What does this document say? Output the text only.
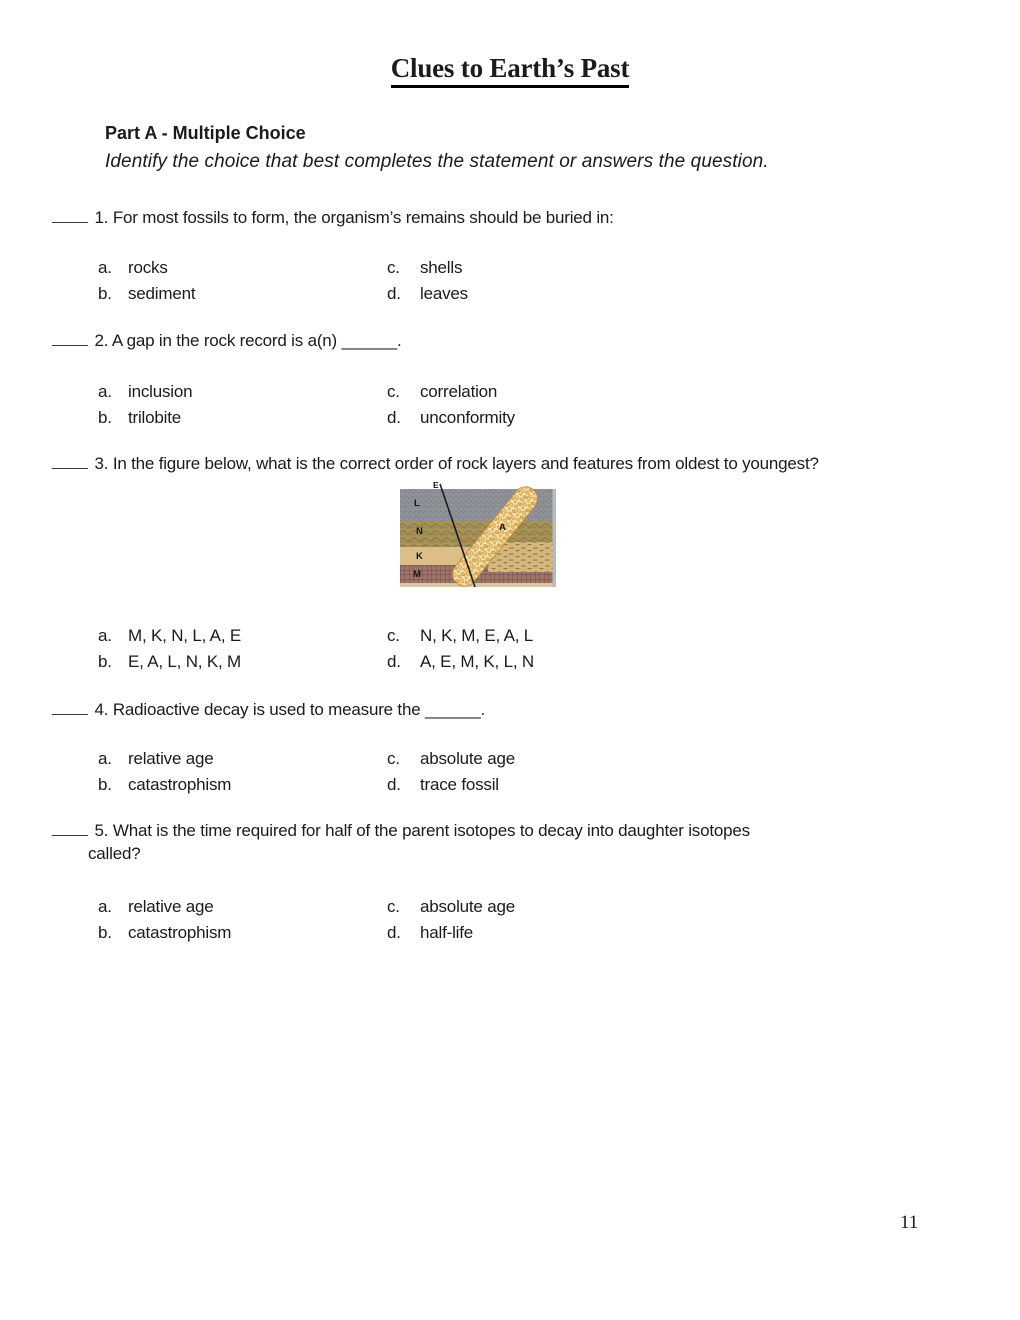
Clues to Earth’s Past
Part A - Multiple Choice
Identify the choice that best completes the statement or answers the question.
1. For most fossils to form, the organism’s remains should be buried in:
a. rocks	c.	shells
b. sediment	d.	leaves
2. A gap in the rock record is a(n) ______.
a. inclusion	c.	correlation
b. trilobite	d.	unconformity
3. In the figure below, what is the correct order of rock layers and features from oldest to youngest?
E
L
N
K
M
A
a. M, K, N, L, A, E	c.	N, K, M, E, A, L
b. E, A, L, N, K, M	d.	A, E, M, K, L, N
4. Radioactive decay is used to measure the ______.
a. relative age	c.	absolute age
b. catastrophism	d.	trace fossil
5. What is the time required for half of the parent isotopes to decay into daughter isotopes
called?
a. relative age	c.	absolute age
b. catastrophism	d.	half-life
11
